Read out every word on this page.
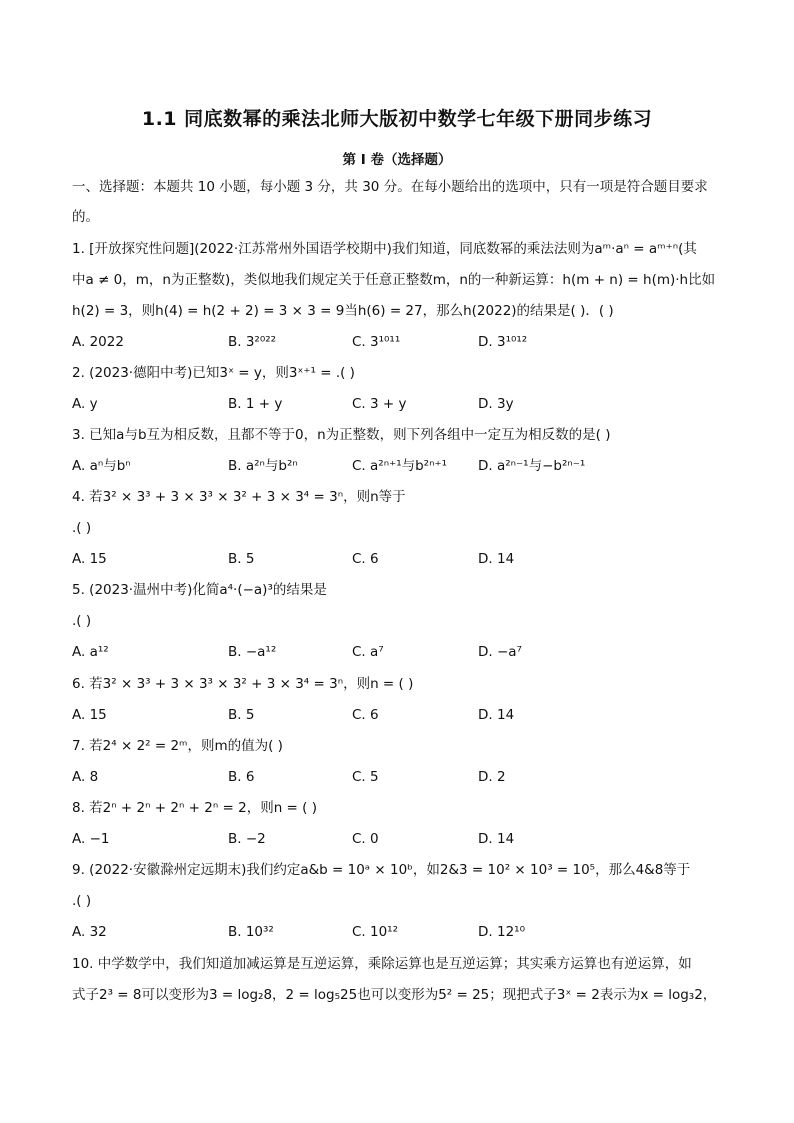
1.1 同底数幂的乘法北师大版初中数学七年级下册同步练习
第 I 卷（选择题）
一、选择题：本题共 10 小题，每小题 3 分，共 30 分。在每小题给出的选项中，只有一项是符合题目要求
的。
1. [开放探究性问题](2022·江苏常州外国语学校期中)我们知道，同底数幂的乘法法则为aᵐ·aⁿ = aᵐ⁺ⁿ(其
中a ≠ 0，m，n为正整数)，类似地我们规定关于任意正整数m，n的一种新运算：h(m + n) = h(m)·h比如
h(2) = 3，则h(4) = h(2 + 2) = 3 × 3 = 9当h(6) = 27，那么h(2022)的结果是( )．( )
A. 2022	B. 3²⁰²²	C. 3¹⁰¹¹	D. 3¹⁰¹²
2. (2023·德阳中考)已知3ˣ = y，则3ˣ⁺¹ = .( )
A. y	B. 1 + y	C. 3 + y	D. 3y
3. 已知a与b互为相反数，且都不等于0，n为正整数，则下列各组中一定互为相反数的是( )
A. aⁿ与bⁿ	B. a²ⁿ与b²ⁿ	C. a²ⁿ⁺¹与b²ⁿ⁺¹ D. a²ⁿ⁻¹与−b²ⁿ⁻¹
4. 若3² × 3³ + 3 × 3³ × 3² + 3 × 3⁴ = 3ⁿ，则n等于
.( )
A. 15	B. 5	C. 6	D. 14
5. (2023·温州中考)化简a⁴·(−a)³的结果是
.( )
A. a¹²	B. −a¹²	C. a⁷	D. −a⁷
6. 若3² × 3³ + 3 × 3³ × 3² + 3 × 3⁴ = 3ⁿ，则n = ( )
A. 15	B. 5	C. 6	D. 14
7. 若2⁴ × 2² = 2ᵐ，则m的值为( )
A. 8	B. 6	C. 5	D. 2
8. 若2ⁿ + 2ⁿ + 2ⁿ + 2ⁿ = 2，则n = ( )
A. −1	B. −2	C. 0	D. 14
9. (2022·安徽滁州定远期末)我们约定a&b = 10ᵃ × 10ᵇ，如2&3 = 10² × 10³ = 10⁵，那么4&8等于
.( )
A. 32	B. 10³²	C. 10¹²	D. 12¹⁰
10. 中学数学中，我们知道加减运算是互逆运算，乘除运算也是互逆运算；其实乘方运算也有逆运算，如
式子2³ = 8可以变形为3 = log₂8，2 = log₅25也可以变形为5² = 25；现把式子3ˣ = 2表示为x = log₃2，
